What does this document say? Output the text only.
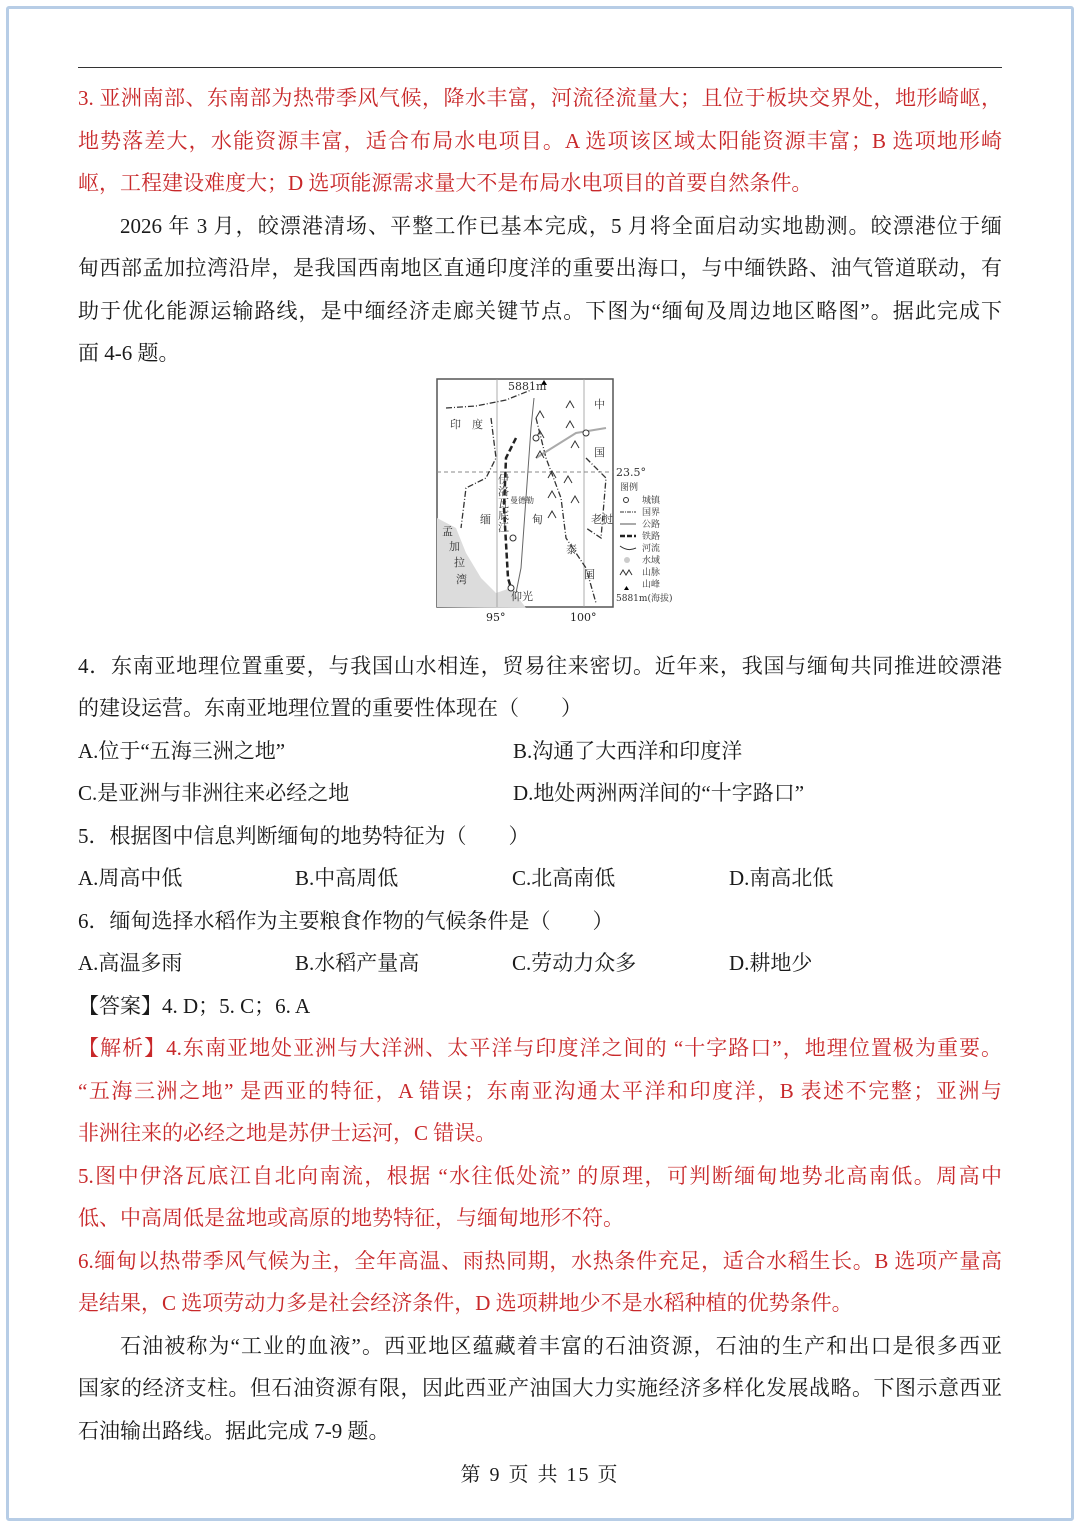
3. 亚洲南部、东南部为热带季风气候，降水丰富，河流径流量大；且位于板块交界处，地形崎岖，
地势落差大，水能资源丰富，适合布局水电项目。A 选项该区域太阳能资源丰富；B 选项地形崎
岖，工程建设难度大；D 选项能源需求量大不是布局水电项目的首要自然条件。
2026 年 3 月，皎漂港清场、平整工作已基本完成，5 月将全面启动实地勘测。皎漂港位于缅
甸西部孟加拉湾沿岸，是我国西南地区直通印度洋的重要出海口，与中缅铁路、油气管道联动，有
助于优化能源运输路线，是中缅经济走廊关键节点。下图为“缅甸及周边地区略图”。据此完成下
面 4-6 题。
5881m
印　度
中
国
缅	甸
泰
国
老挝
孟
加
拉
湾
伊
洛
瓦
底
江
曼德勒
仰光
23.5°
95°	100°
图例
城镇
国界
公路
铁路
河流
水域
山脉
山峰
5881m(海拔)
4．东南亚地理位置重要，与我国山水相连，贸易往来密切。近年来，我国与缅甸共同推进皎漂港
的建设运营。东南亚地理位置的重要性体现在（　　）
A.位于“五海三洲之地”	B.沟通了大西洋和印度洋
C.是亚洲与非洲往来必经之地	D.地处两洲两洋间的“十字路口”
5．根据图中信息判断缅甸的地势特征为（　　）
A.周高中低	B.中高周低	C.北高南低	D.南高北低
6．缅甸选择水稻作为主要粮食作物的气候条件是（　　）
A.高温多雨	B.水稻产量高	C.劳动力众多	D.耕地少
【答案】4. D；5. C；6. A
【解析】4.东南亚地处亚洲与大洋洲、太平洋与印度洋之间的 “十字路口”，地理位置极为重要。
“五海三洲之地” 是西亚的特征，A 错误；东南亚沟通太平洋和印度洋，B 表述不完整；亚洲与
非洲往来的必经之地是苏伊士运河，C 错误。
5.图中伊洛瓦底江自北向南流，根据 “水往低处流” 的原理，可判断缅甸地势北高南低。周高中
低、中高周低是盆地或高原的地势特征，与缅甸地形不符。
6.缅甸以热带季风气候为主，全年高温、雨热同期，水热条件充足，适合水稻生长。B 选项产量高
是结果，C 选项劳动力多是社会经济条件，D 选项耕地少不是水稻种植的优势条件。
石油被称为“工业的血液”。西亚地区蕴藏着丰富的石油资源，石油的生产和出口是很多西亚
国家的经济支柱。但石油资源有限，因此西亚产油国大力实施经济多样化发展战略。下图示意西亚
石油输出路线。据此完成 7-9 题。
第 9 页 共 15 页
